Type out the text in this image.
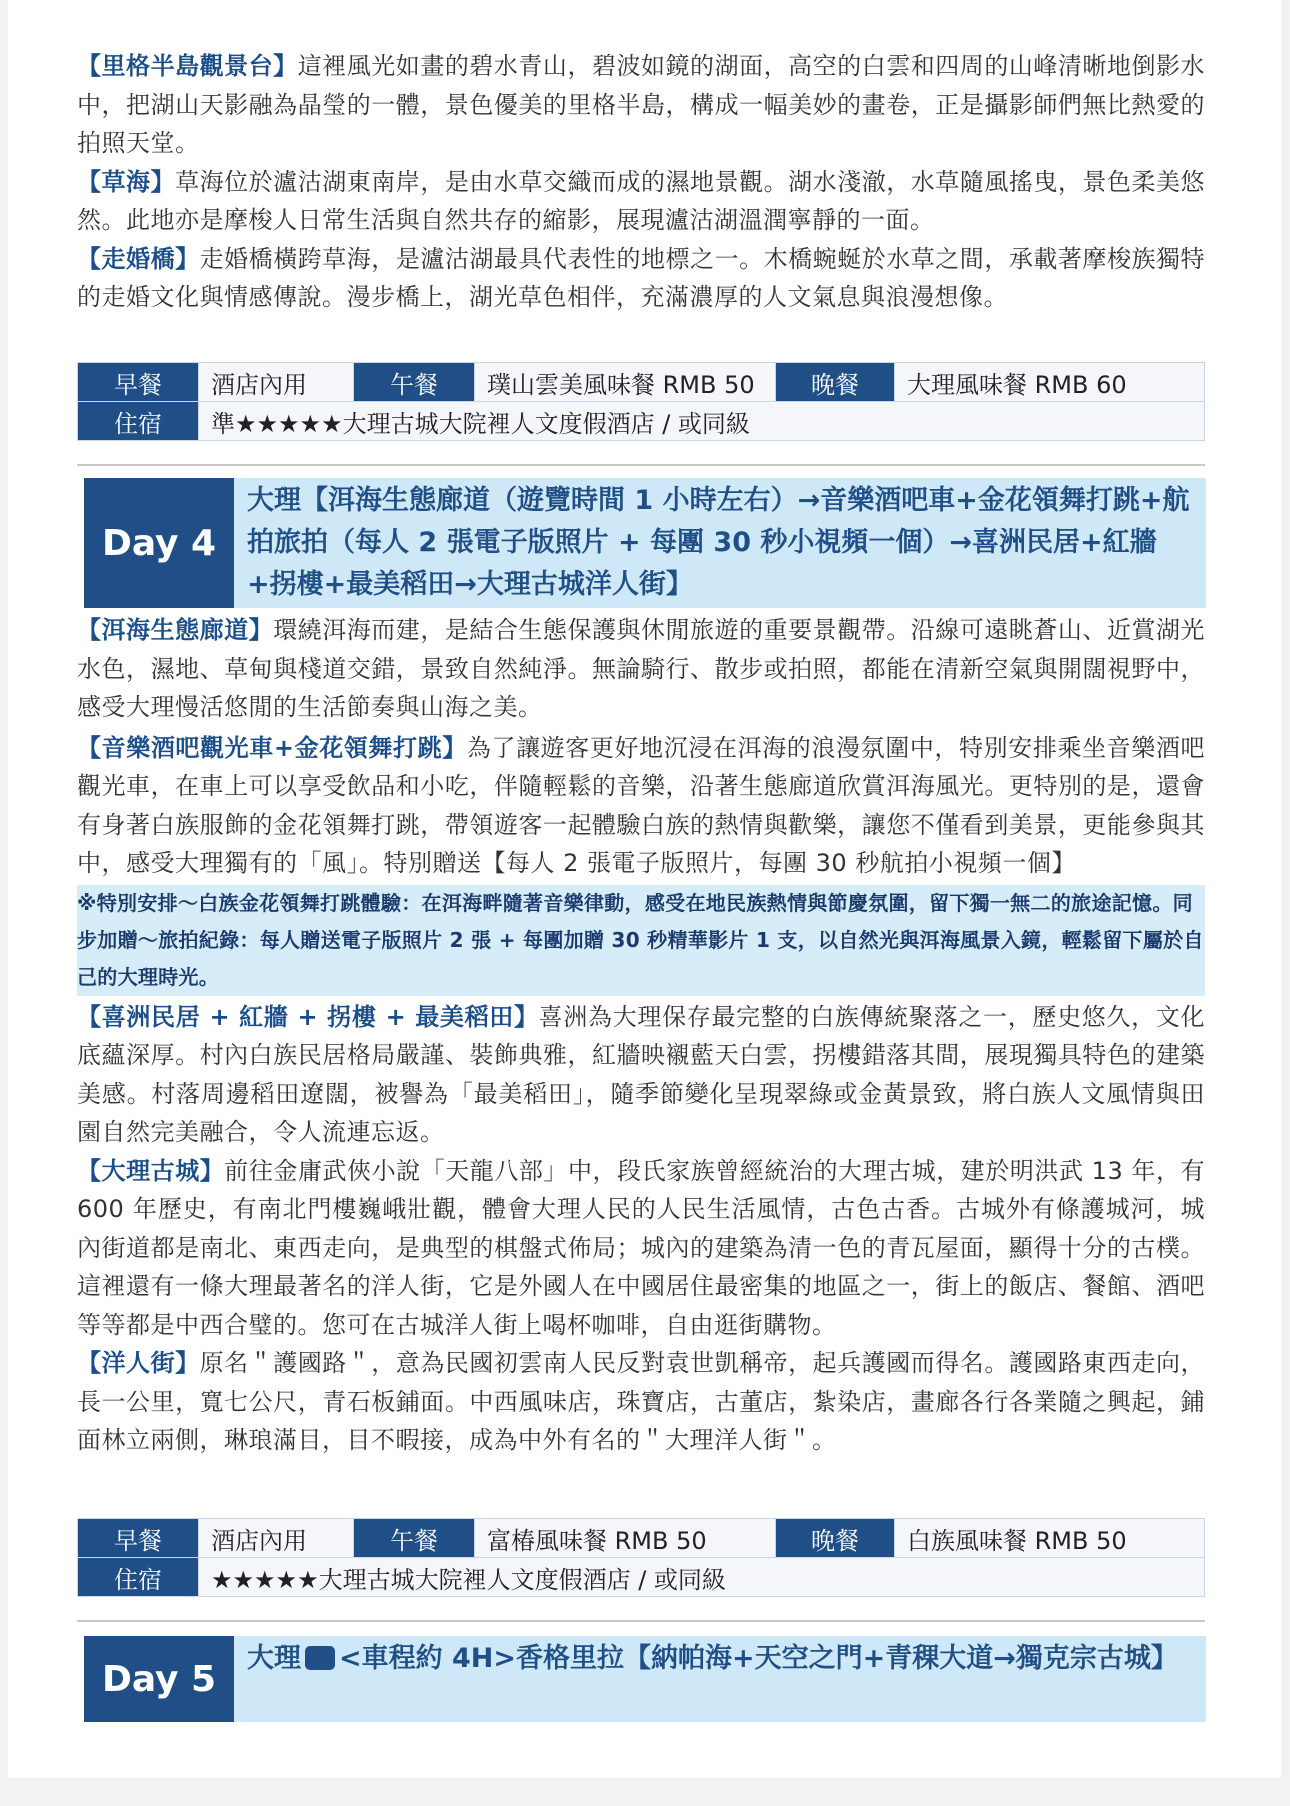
【里格半島觀景台】這裡風光如畫的碧水青山，碧波如鏡的湖面，高空的白雲和四周的山峰清晰地倒影水中，把湖山天影融為晶瑩的一體，景色優美的里格半島，構成一幅美妙的畫卷，正是攝影師們無比熱愛的拍照天堂。

【草海】草海位於瀘沽湖東南岸，是由水草交織而成的濕地景觀。湖水淺澈，水草隨風搖曳，景色柔美悠然。此地亦是摩梭人日常生活與自然共存的縮影，展現瀘沽湖溫潤寧靜的一面。

【走婚橋】走婚橋橫跨草海，是瀘沽湖最具代表性的地標之一。木橋蜿蜒於水草之間，承載著摩梭族獨特的走婚文化與情感傳說。漫步橋上，湖光草色相伴，充滿濃厚的人文氣息與浪漫想像。

早餐	酒店內用	午餐	璞山雲美風味餐 RMB 50	晚餐	大理風味餐 RMB 60
住宿	準★★★★★大理古城大院裡人文度假酒店 / 或同級				
Day 4
大理【洱海生態廊道（遊覽時間 1 小時左右）→音樂酒吧車+金花領舞打跳+航拍旅拍（每人 2 張電子版照片 + 每團 30 秒小視頻一個）→喜洲民居+紅牆+拐樓+最美稻田→大理古城洋人街】

【洱海生態廊道】環繞洱海而建，是結合生態保護與休閒旅遊的重要景觀帶。沿線可遠眺蒼山、近賞湖光水色，濕地、草甸與棧道交錯，景致自然純淨。無論騎行、散步或拍照，都能在清新空氣與開闊視野中，感受大理慢活悠閒的生活節奏與山海之美。

【音樂酒吧觀光車+金花領舞打跳】為了讓遊客更好地沉浸在洱海的浪漫氛圍中，特別安排乘坐音樂酒吧觀光車，在車上可以享受飲品和小吃，伴隨輕鬆的音樂，沿著生態廊道欣賞洱海風光。更特別的是，還會有身著白族服飾的金花領舞打跳，帶領遊客一起體驗白族的熱情與歡樂，讓您不僅看到美景，更能參與其中，感受大理獨有的「風」。特別贈送【每人 2 張電子版照片，每團 30 秒航拍小視頻一個】

※特別安排～白族金花領舞打跳體驗：在洱海畔隨著音樂律動，感受在地民族熱情與節慶氛圍，留下獨一無二的旅途記憶。同步加贈～旅拍紀錄：每人贈送電子版照片 2 張 + 每團加贈 30 秒精華影片 1 支，以自然光與洱海風景入鏡，輕鬆留下屬於自己的大理時光。

【喜洲民居 + 紅牆 + 拐樓 + 最美稻田】喜洲為大理保存最完整的白族傳統聚落之一，歷史悠久，文化底蘊深厚。村內白族民居格局嚴謹、裝飾典雅，紅牆映襯藍天白雲，拐樓錯落其間，展現獨具特色的建築美感。村落周邊稻田遼闊，被譽為「最美稻田」，隨季節變化呈現翠綠或金黃景致，將白族人文風情與田園自然完美融合，令人流連忘返。

【大理古城】前往金庸武俠小說「天龍八部」中，段氏家族曾經統治的大理古城，建於明洪武 13 年，有 600 年歷史，有南北門樓巍峨壯觀，體會大理人民的人民生活風情，古色古香。古城外有條護城河，城內街道都是南北、東西走向，是典型的棋盤式佈局；城內的建築為清一色的青瓦屋面，顯得十分的古樸。這裡還有一條大理最著名的洋人街，它是外國人在中國居住最密集的地區之一，街上的飯店、餐館、酒吧等等都是中西合璧的。您可在古城洋人街上喝杯咖啡，自由逛街購物。

【洋人街】原名＂護國路＂，意為民國初雲南人民反對袁世凱稱帝，起兵護國而得名。護國路東西走向，長一公里，寬七公尺，青石板鋪面。中西風味店，珠寶店，古董店，紮染店，畫廊各行各業隨之興起，鋪面林立兩側，琳琅滿目，目不暇接，成為中外有名的＂大理洋人街＂。

早餐	酒店內用	午餐	富椿風味餐 RMB 50	晚餐	白族風味餐 RMB 50
住宿	★★★★★大理古城大院裡人文度假酒店 / 或同級				
Day 5	大理 <車程約 4H>香格里拉【納帕海+天空之門+青稞大道→獨克宗古城】
